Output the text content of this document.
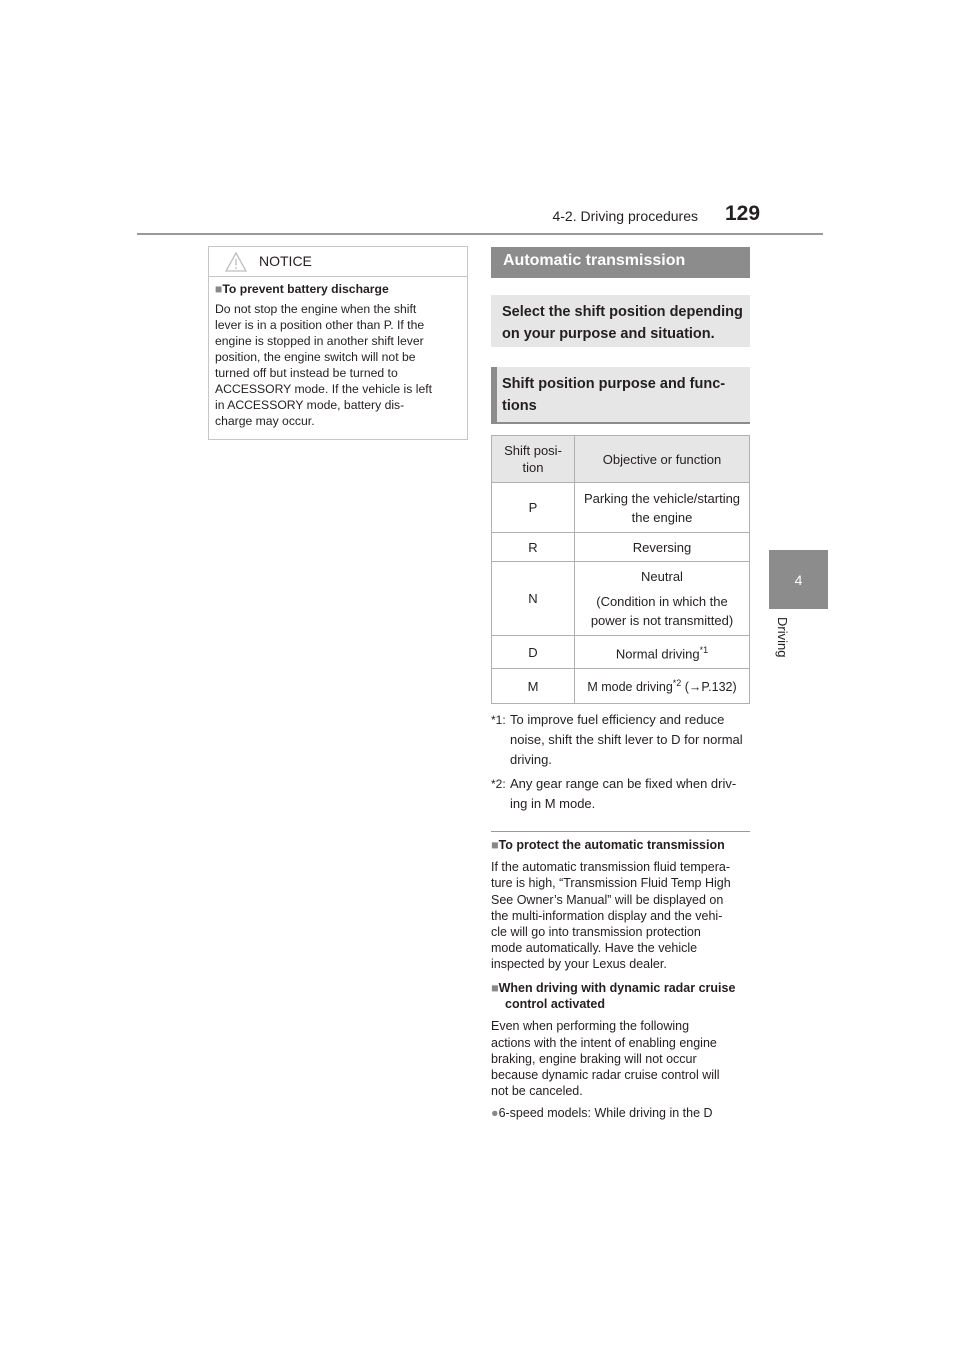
4-2. Driving procedures 129
4
Driving
NOTICE
■To prevent battery discharge
Do not stop the engine when the shift
lever is in a position other than P. If the
engine is stopped in another shift lever
position, the engine switch will not be
turned off but instead be turned to
ACCESSORY mode. If the vehicle is left
in ACCESSORY mode, battery dis-
charge may occur.
Automatic transmission
Select the shift position depending
on your purpose and situation.
Shift position purpose and func-
tions
Shift posi-
tion	Objective or function
P	Parking the vehicle/starting
the engine

R	Reversing
N	Neutral
(Condition in which the
power is not transmitted)

D	Normal driving$^{*1}$
M	M mode driving$^{*2}$ (→P.132)
*1: To improve fuel efficiency and reduce
noise, shift the shift lever to D for normal
driving.
*2: Any gear range can be fixed when driv-
ing in M mode.
■To protect the automatic transmission
If the automatic transmission fluid tempera-
ture is high, “Transmission Fluid Temp High
See Owner’s Manual” will be displayed on
the multi-information display and the vehi-
cle will go into transmission protection
mode automatically. Have the vehicle
inspected by your Lexus dealer.
■When driving with dynamic radar cruise
control activated
Even when performing the following
actions with the intent of enabling engine
braking, engine braking will not occur
because dynamic radar cruise control will
not be canceled.
●6-speed models: While driving in the D
